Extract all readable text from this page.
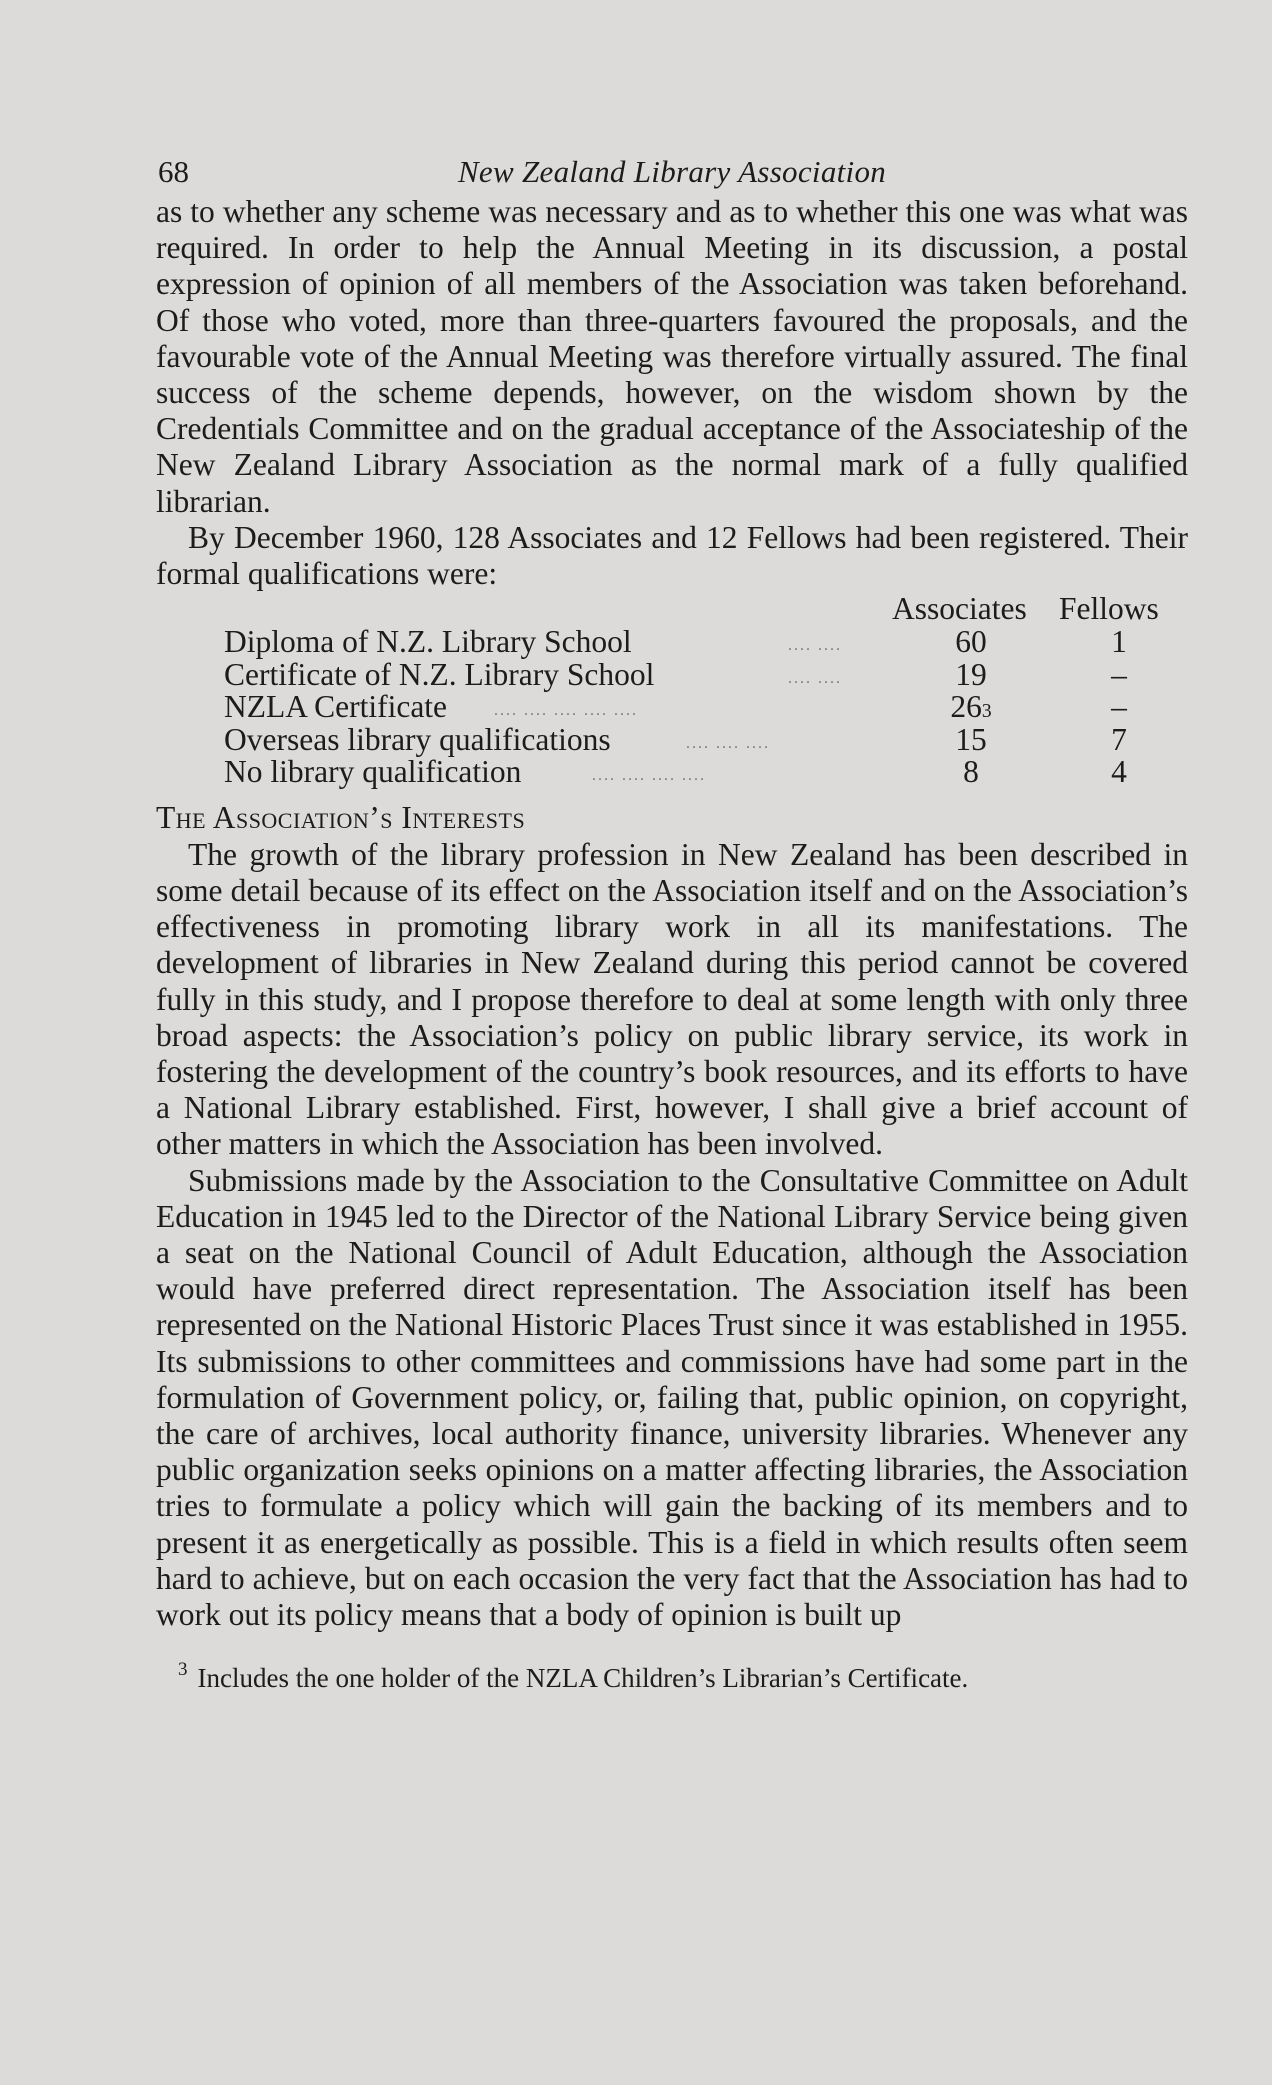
68	New Zealand Library Association

as to whether any scheme was necessary and as to whether this one was what was required. In order to help the Annual Meeting in its discussion, a postal expression of opinion of all members of the Association was taken beforehand. Of those who voted, more than three-quarters favoured the proposals, and the favourable vote of the Annual Meeting was therefore virtually assured. The final success of the scheme depends, however, on the wisdom shown by the Credentials Committee and on the gradual acceptance of the Associateship of the New Zealand Library Association as the normal mark of a fully qualified librarian.

By December 1960, 128 Associates and 12 Fellows had been registered. Their formal qualifications were:

Associates Fellows
Diploma of N.Z. Library School	.... ....	60	1
Certificate of N.Z. Library School	.... ....	19	–
NZLA Certificate	.... .... .... .... ....	$26^3$	–
Overseas library qualifications	.... .... ....	15	7
No library qualification	.... .... .... ....	8	4
The Association’s Interests

The growth of the library profession in New Zealand has been described in some detail because of its effect on the Association itself and on the Association’s effectiveness in promoting library work in all its manifestations. The development of libraries in New Zealand during this period cannot be covered fully in this study, and I propose therefore to deal at some length with only three broad aspects: the Association’s policy on public library service, its work in fostering the development of the country’s book resources, and its efforts to have a National Library established. First, however, I shall give a brief account of other matters in which the Association has been involved.

Submissions made by the Association to the Consultative Committee on Adult Education in 1945 led to the Director of the National Library Service being given a seat on the National Council of Adult Education, although the Association would have preferred direct representation. The Association itself has been represented on the National Historic Places Trust since it was established in 1955. Its submissions to other committees and commissions have had some part in the formulation of Government policy, or, failing that, public opinion, on copyright, the care of archives, local authority finance, university libraries. Whenever any public organization seeks opinions on a matter affecting libraries, the Association tries to formulate a policy which will gain the backing of its members and to present it as energetically as possible. This is a field in which results often seem hard to achieve, but on each occasion the very fact that the Association has had to work out its policy means that a body of opinion is built up

$^3$ Includes the one holder of the NZLA Children’s Librarian’s Certificate.
